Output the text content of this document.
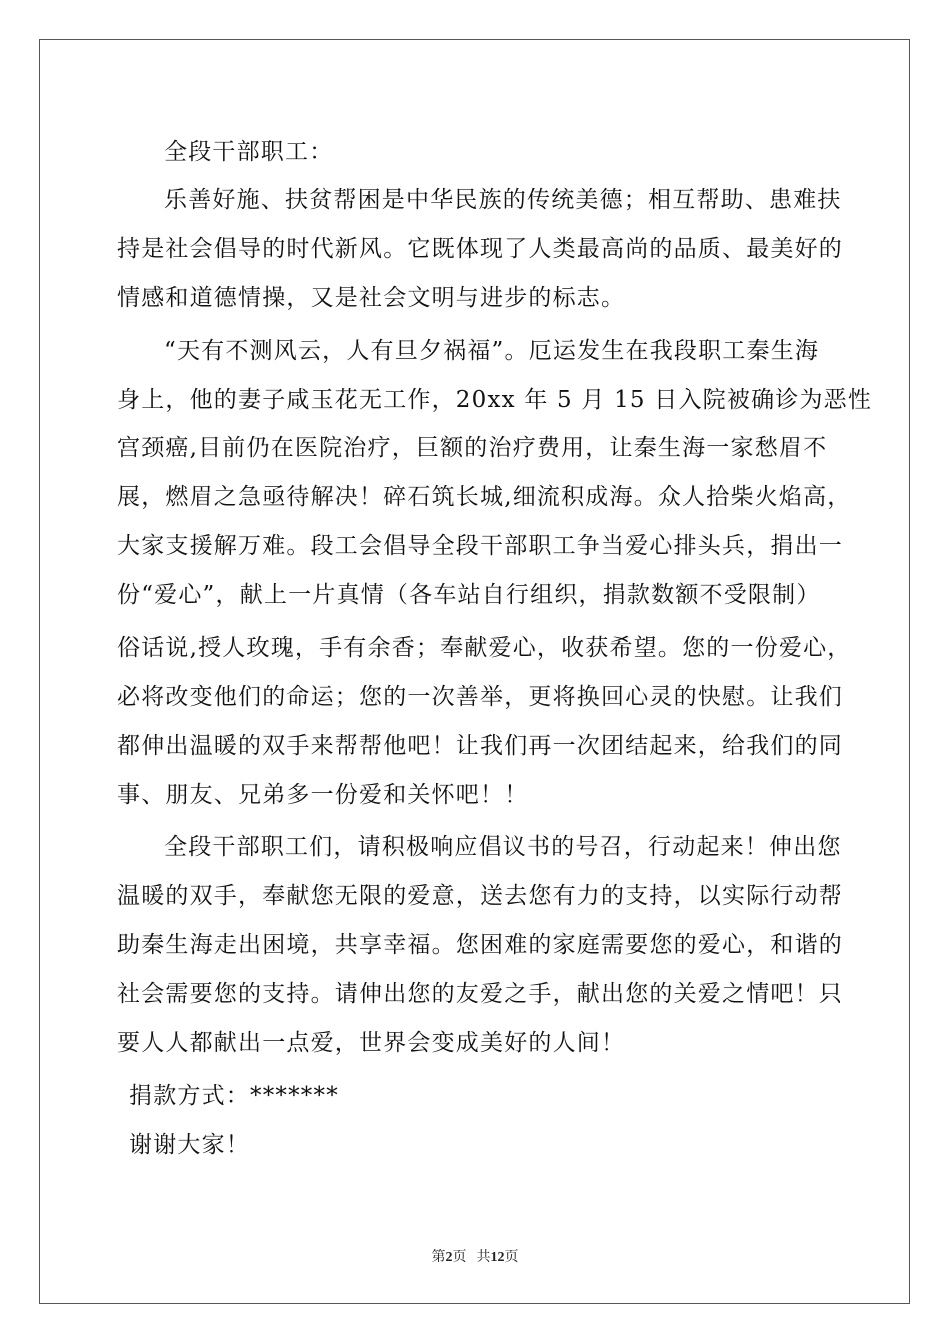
全段干部职工：
乐善好施、扶贫帮困是中华民族的传统美德；相互帮助、患难扶
持是社会倡导的时代新风。它既体现了人类最高尚的品质、最美好的
情感和道德情操，又是社会文明与进步的标志。
“天有不测风云，人有旦夕祸福”。厄运发生在我段职工秦生海
身上，他的妻子咸玉花无工作，20xx 年 5 月 15 日入院被确诊为恶性
宫颈癌,目前仍在医院治疗，巨额的治疗费用，让秦生海一家愁眉不
展，燃眉之急亟待解决！碎石筑长城,细流积成海。众人拾柴火焰高，
大家支援解万难。段工会倡导全段干部职工争当爱心排头兵，捐出一
份“爱心”，献上一片真情（各车站自行组织，捐款数额不受限制）
俗话说,授人玫瑰，手有余香；奉献爱心，收获希望。您的一份爱心，
必将改变他们的命运；您的一次善举，更将换回心灵的快慰。让我们
都伸出温暖的双手来帮帮他吧！让我们再一次团结起来，给我们的同
事、朋友、兄弟多一份爱和关怀吧！！
全段干部职工们，请积极响应倡议书的号召，行动起来！伸出您
温暖的双手，奉献您无限的爱意，送去您有力的支持，以实际行动帮
助秦生海走出困境，共享幸福。您困难的家庭需要您的爱心，和谐的
社会需要您的支持。请伸出您的友爱之手，献出您的关爱之情吧！只
要人人都献出一点爱，世界会变成美好的人间！
捐款方式：*******
谢谢大家！
第2页 共12页
